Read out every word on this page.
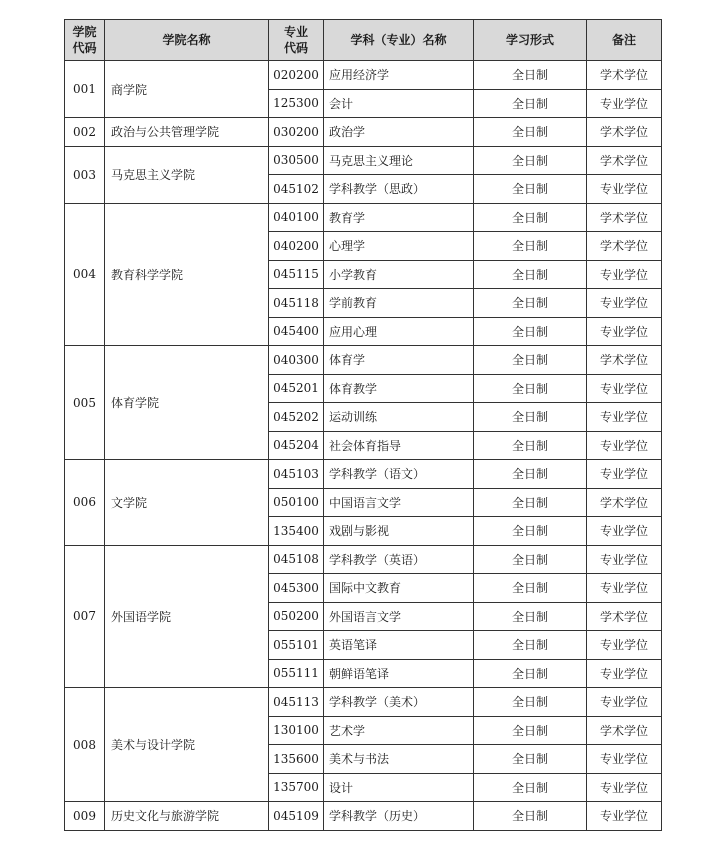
学院代码	学院名称	专业代码	学科（专业）名称	学习形式	备注
001	商学院	020200	应用经济学	全日制	学术学位
		125300	会计	全日制	专业学位
002	政治与公共管理学院	030200	政治学	全日制	学术学位
003	马克思主义学院	030500	马克思主义理论	全日制	学术学位
		045102	学科教学（思政）	全日制	专业学位
004	教育科学学院	040100	教育学	全日制	学术学位
		040200	心理学	全日制	学术学位
		045115	小学教育	全日制	专业学位
		045118	学前教育	全日制	专业学位
		045400	应用心理	全日制	专业学位
005	体育学院	040300	体育学	全日制	学术学位
		045201	体育教学	全日制	专业学位
		045202	运动训练	全日制	专业学位
		045204	社会体育指导	全日制	专业学位
006	文学院	045103	学科教学（语文）	全日制	专业学位
		050100	中国语言文学	全日制	学术学位
		135400	戏剧与影视	全日制	专业学位
007	外国语学院	045108	学科教学（英语）	全日制	专业学位
		045300	国际中文教育	全日制	专业学位
		050200	外国语言文学	全日制	学术学位
		055101	英语笔译	全日制	专业学位
		055111	朝鲜语笔译	全日制	专业学位
008	美术与设计学院	045113	学科教学（美术）	全日制	专业学位
		130100	艺术学	全日制	学术学位
		135600	美术与书法	全日制	专业学位
		135700	设计	全日制	专业学位
009	历史文化与旅游学院	045109	学科教学（历史）	全日制	专业学位
